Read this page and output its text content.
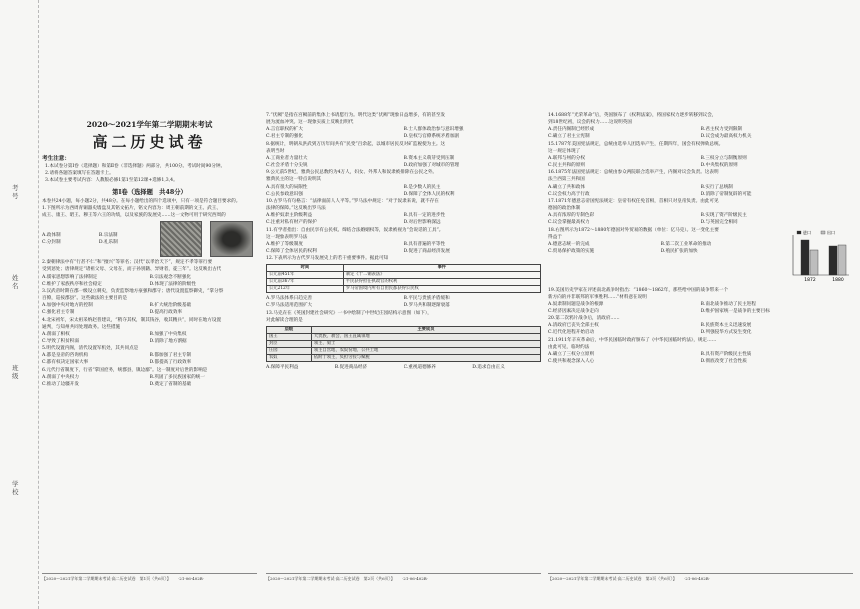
考号
姓名
班级
学校
2020～2021学年第二学期期末考试
高二历史试卷
考生注意：
1.本试卷分第Ⅰ卷（选择题）和第Ⅱ卷（非选择题）两部分，共100分。考试时间90分钟。
2.请将各题答案填写在答题卡上。
3.本试卷主要考试内容：人教版必修1第1至第12课+选修1,3,4。
第Ⅰ卷（选择题　共48分）
本卷共24小题，每小题2分，共48分。在每小题给出的四个选项中，只有一项是符合题目要求的。
1.下图所示为西周青铜器史墙盘及其铭文拓片，铭文内容为：周王朝前期的文王、武王、
成王、康王、昭王、穆王等六王的功绩，以及家族的发展史……这一文物可用于研究西周的
A.政体制	B.宗法制
C.分封制	D.礼乐制
2.秦朝律法中有“行甚不仁”和“擅兴”等罪名；汉代“以孝治天下”，规定不孝等罪行要
受到惩处；唐律规定“诸祖父母、父母在，而子孙别籍、异财者，徒三年”。这反映出古代
A.儒家思想影响了法律制定	B.宗法观念不断强化
C.维护了家族秩序和社会稳定	D.体现了法律的阶级性
3.汉武帝时期在郡一级设立刺史，负责监察地方豪强和郡守；唐代设置监察御史，“掌分察
百僚，巡按郡县”。这些做法的主要目的是
A.加强中央对地方的控制	B.扩大统治阶级基础
C.强化君主专制	D.提高行政效率
4.北宋初年，宋太祖采纳赵普建议，“稍夺其权，制其钱谷，收其精兵”，同时在地方设置
通判，与知州共同处理政务。这些措施
A.削弱了相权	B.加强了中央集权
C.导致了积贫积弱	D.消除了地方割据
5.明代设置内阁，清代设置军机处，其共同点是
A.都是皇帝的咨询机构	B.都加强了君主专制
C.都有权决定国家大事	D.都提高了行政效率
6.元代行省制度下，行省“掌国庶务，统郡县，镇边鄙”。这一制度对后世的影响是
A.削弱了中央权力	B.巩固了多民族国家的统一
C.推动了边疆开发	D.奠定了省制的基础
【2020～2021学年第二学期期末考试·高二历史试卷　第1页（共6页）】 ·21-06-402B·
7.“伏阙”是指在宫阙前的集体上书请愿行为。明代这类“伏阙”现象日益增多，有的甚至发
展为流血冲突。这一现象实质上反映出明代
A.言官职权的扩大	B.士人群体政治参与意识增强
C.君主专制的强化	D.皇权与官僚系统矛盾加剧
8.据统计，明朝从洪武到万历年间共有“民变”百余起，以城市居民反对矿监税使为主。这
表明当时
A.工商业者力量壮大	B.资本主义萌芽受到压制
C.社会矛盾十分尖锐	D.政府加强了对城市的管理
9.公元前5世纪，雅典公民总数约为4万人，妇女、外邦人和奴隶被排除在公民之外。
雅典民主的这一特点说明其
A.具有很大的局限性	B.是少数人的民主
C.公民参政意识强	D.保障了全体人民的权利
10.古罗马有句格言：“法律面前人人平等。”罗马法中规定：“对于奴隶来说，就不存在
法律的保障。”这反映出罗马法
A.维护奴隶主阶级利益	B.具有一定的进步性
C.注重对私有财产的保护	D.对后世影响深远
11.有学者指出：自由民享有公民权、缔结合法婚姻权等，奴隶被视为“会说话的工具”。
这一现象表明罗马法
A.维护了等级制度	B.具有普遍的平等性
C.保障了全体居民的权利	D.促进了商品经济发展
12.下表所示为古代罗马发展史上的若干重要事件。据此可知
时间	事件
公元前451年	制定《十二铜表法》
公元前367年	平民获得担任执政官的权利
公元212年	罗马帝国境内所有自由民都获得公民权
A.罗马法体系日趋完善	B.平民与贵族矛盾缓和
C.罗马法适用范围扩大	D.罗马共和制逐渐衰落
13.马克垚在《英国封建社会研究》一书中绘制了中世纪庄园结构示意图（如下），
对此解读合理的是
层级	主要成员
国王	大贵族、教会、国王直属领地
封臣	领主、骑士
庄园	领主自营地、农奴份地、公共土地
农奴	依附于领主，负担劳役与赋税
A.保障平民利益	B.促进商品经济	C.重视道德修养	D.追求自由正义
【2020～2021学年第二学期期末考试·高二历史试卷　第2页（共6页）】 ·21-06-402B·
14.1688年“光荣革命”后，英国颁布了《权利法案》，将国家权力逐步转移到议会，
到18世纪初，议会的权力……这说明英国
A.责任内阁制已经形成	B.君主权力受到限制
C.确立了君主立宪制	D.议会成为最高权力机关
15.1787年美国宪法规定，总统由选举人团选举产生，任期四年，国会有权弹劾总统。
这一规定体现了
A.联邦与州的分权	B.三权分立与制衡原则
C.民主共和的原则	D.中央集权的原则
16.1875年法国宪法规定：总统由参众两院联合选举产生，内阁对议会负责。这表明
法兰西第三共和国
A.确立了共和政体	B.实行了总统制
C.议会权力高于行政	D.消除了帝制复辟的可能
17.1871年德意志帝国宪法规定：皇帝有权任免首相，首相只对皇帝负责。由此可见
德国的政治体制
A.具有浓厚的专制色彩	B.实现了资产阶级民主
C.议会掌握最高权力	D.与英国完全相同
1872	1880
进口	出口
18.右图所示为1872～1880年德国对外贸易的数据（单位：亿马克）。这一变化主要
得益于
A.德意志统一的完成	B.第二次工业革命的推动
C.贸易保护政策的实施	D.殖民扩张的加快
19.美国历史学家在评述南北战争时指出：“1860～1862年，那些给中国的战争带来一个
新方向的并非联邦的军事胜利……”材料意在说明
A.奴隶制问题是战争的根源	B.南北战争推动了民主进程
C.经济因素决定战争走向	D.维护国家统一是战争的主要目标
20.第二次鸦片战争后，清政府……
A.清政府已丧失全部主权	B.民族资本主义迅速发展
C.近代化进程开始启动	D.列强侵华方式发生变化
21.1911年辛亥革命后，中华民国临时政府颁布了《中华民国临时约法》，规定……
由此可见，临时约法
A.确立了三权分立原则	B.具有资产阶级民主性质
C.使共和观念深入人心	D.彻底改变了社会性质
【2020～2021学年第二学期期末考试·高二历史试卷　第3页（共6页）】 ·21-06-402B·
